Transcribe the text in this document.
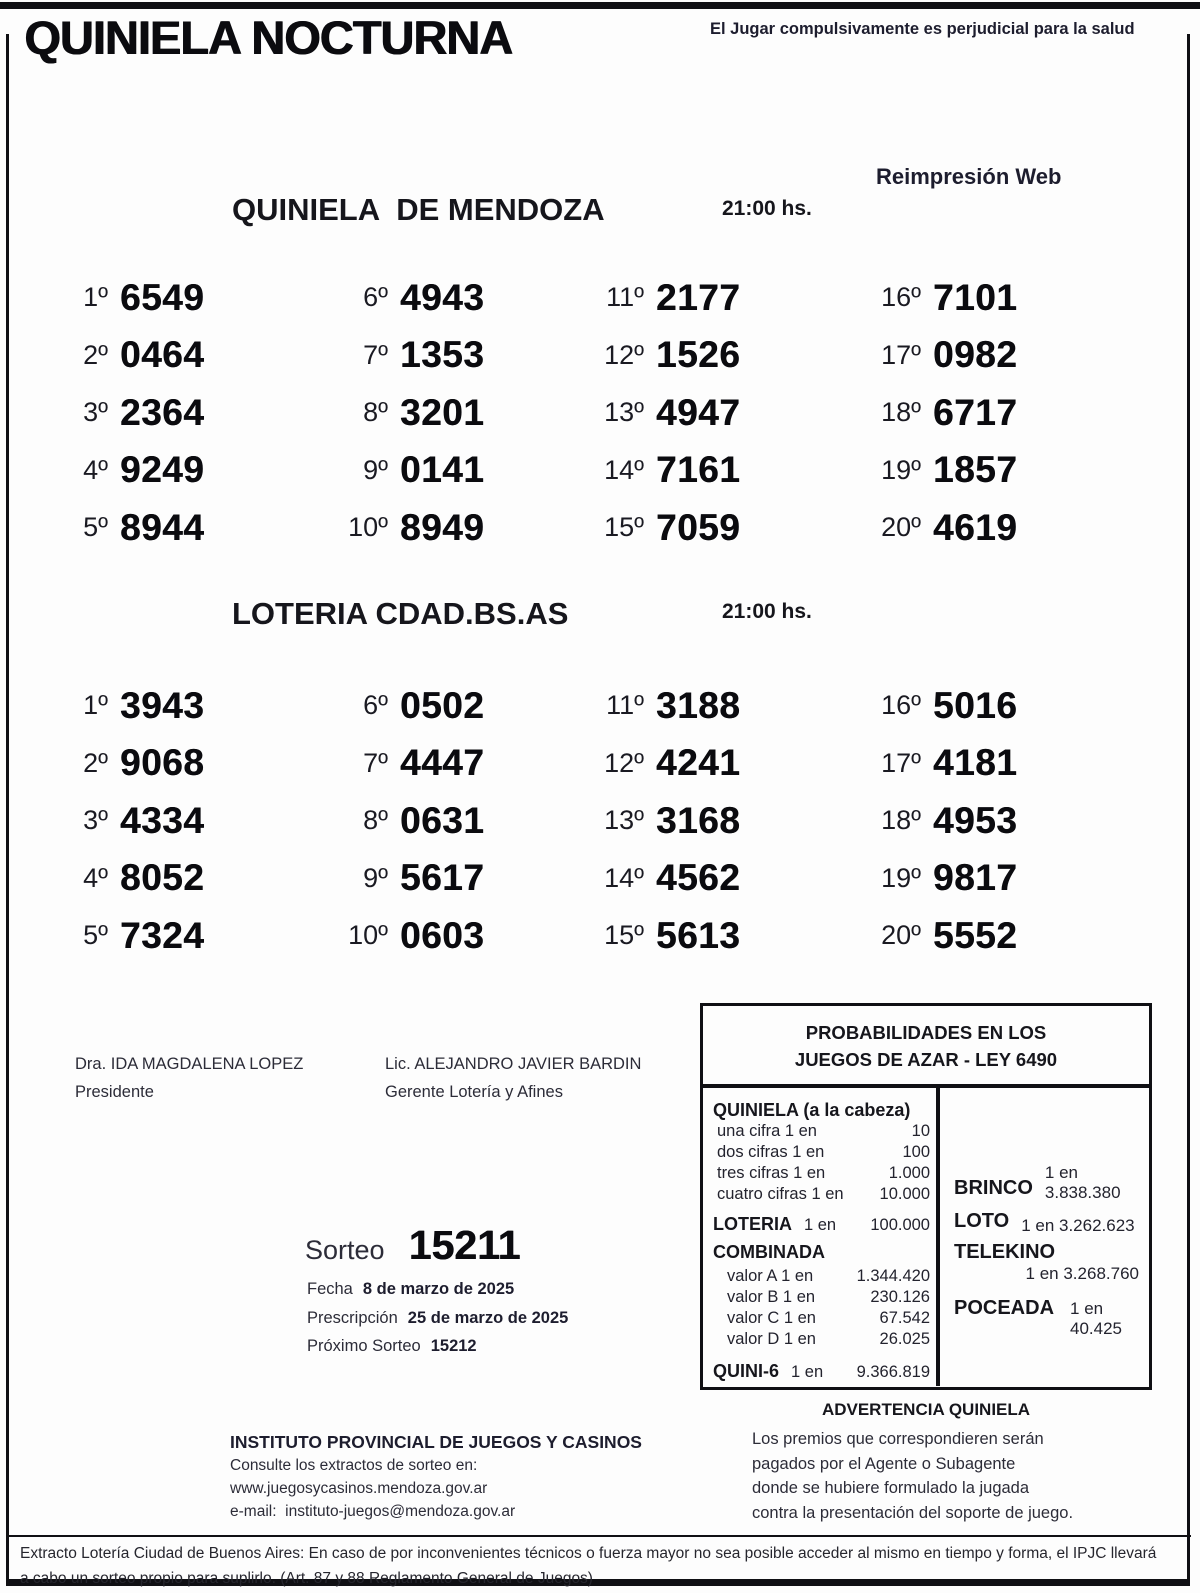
QUINIELA NOCTURNA	El Jugar compulsivamente es perjudicial para la salud
Reimpresión Web
QUINIELA  DE MENDOZA	21:00 hs.
1º 6549
2º 0464
3º 2364
4º 9249
5º 8944
6º 4943
7º 1353
8º 3201
9º 0141
10º 8949
11º 2177
12º 1526
13º 4947
14º 7161
15º 7059
16º 7101
17º 0982
18º 6717
19º 1857
20º 4619
LOTERIA CDAD.BS.AS	21:00 hs.
1º 3943
2º 9068
3º 4334
4º 8052
5º 7324
6º 0502
7º 4447
8º 0631
9º 5617
10º 0603
11º 3188
12º 4241
13º 3168
14º 4562
15º 5613
16º 5016
17º 4181
18º 4953
19º 9817
20º 5552
Dra. IDA MAGDALENA LOPEZ
Presidente
Lic. ALEJANDRO JAVIER BARDIN
Gerente Lotería y Afines
Sorteo 15211
Fecha 8 de marzo de 2025
Prescripción 25 de marzo de 2025
Próximo Sorteo 15212
PROBABILIDADES EN LOS
JUEGOS DE AZAR - LEY 6490
QUINIELA (a la cabeza)
una cifra 1 en	10
dos cifras 1 en	100
tres cifras 1 en	1.000
cuatro cifras 1 en 10.000
LOTERIA 1 en 100.000
COMBINADA
valor A 1 en	1.344.420
valor B 1 en	230.126
valor C 1 en	67.542
valor D 1 en	26.025
QUINI-6 1 en 9.366.819
BRINCO
1 en 3.838.380
LOTO 1 en 3.262.623
TELEKINO
1 en 3.268.760
POCEADA 1 en 40.425
ADVERTENCIA QUINIELA
Los premios que correspondieren serán
pagados por el Agente o Subagente
donde se hubiere formulado la jugada
contra la presentación del soporte de juego.
INSTITUTO PROVINCIAL DE JUEGOS Y CASINOS
Consulte los extractos de sorteo en:
www.juegosycasinos.mendoza.gov.ar
e-mail: instituto-juegos@mendoza.gov.ar
Extracto Lotería Ciudad de Buenos Aires: En caso de por inconvenientes técnicos o fuerza mayor no sea posible acceder al mismo en tiempo y forma, el IPJC llevará a cabo un sorteo propio para suplirlo. (Art. 87 y 88 Reglamento General de Juegos)
